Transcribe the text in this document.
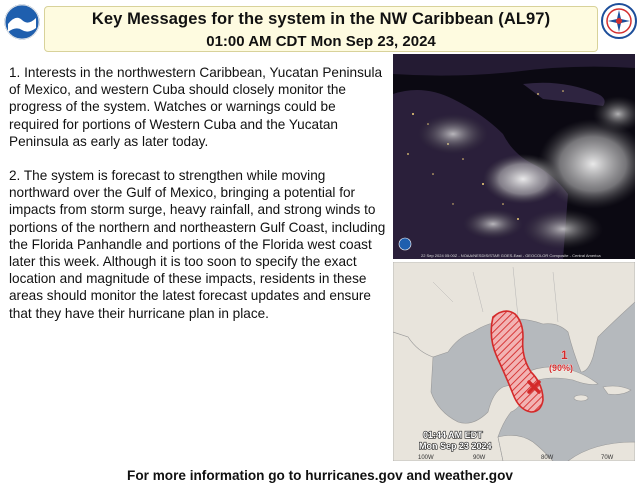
Key Messages for the system in the NW Caribbean (AL97)
01:00 AM CDT Mon Sep 23, 2024

1. Interests in the northwestern Caribbean, Yucatan Peninsula of Mexico, and western Cuba should closely monitor the progress of the system. Watches or warnings could be required for portions of Western Cuba and the Yucatan Peninsula as early as later today.

2. The system is forecast to strengthen while moving northward over the Gulf of Mexico, bringing a potential for impacts from storm surge, heavy rainfall, and strong winds to portions of the northern and northeastern Gulf Coast, including the Florida Panhandle and portions of the Florida west coast later this week. Although it is too soon to specify the exact location and magnitude of these impacts, residents in these areas should monitor the latest forecast updates and ensure that they have their hurricane plan in place.

22 Sep 2024 05:00Z - NOAA/NESDIS/STAR GOES-East - GEOCOLOR Composite - Central America
100W	90W	80W	70W
1
(90%)
01:44 AM EDT
Mon Sep 23 2024
For more information go to hurricanes.gov and weather.gov
